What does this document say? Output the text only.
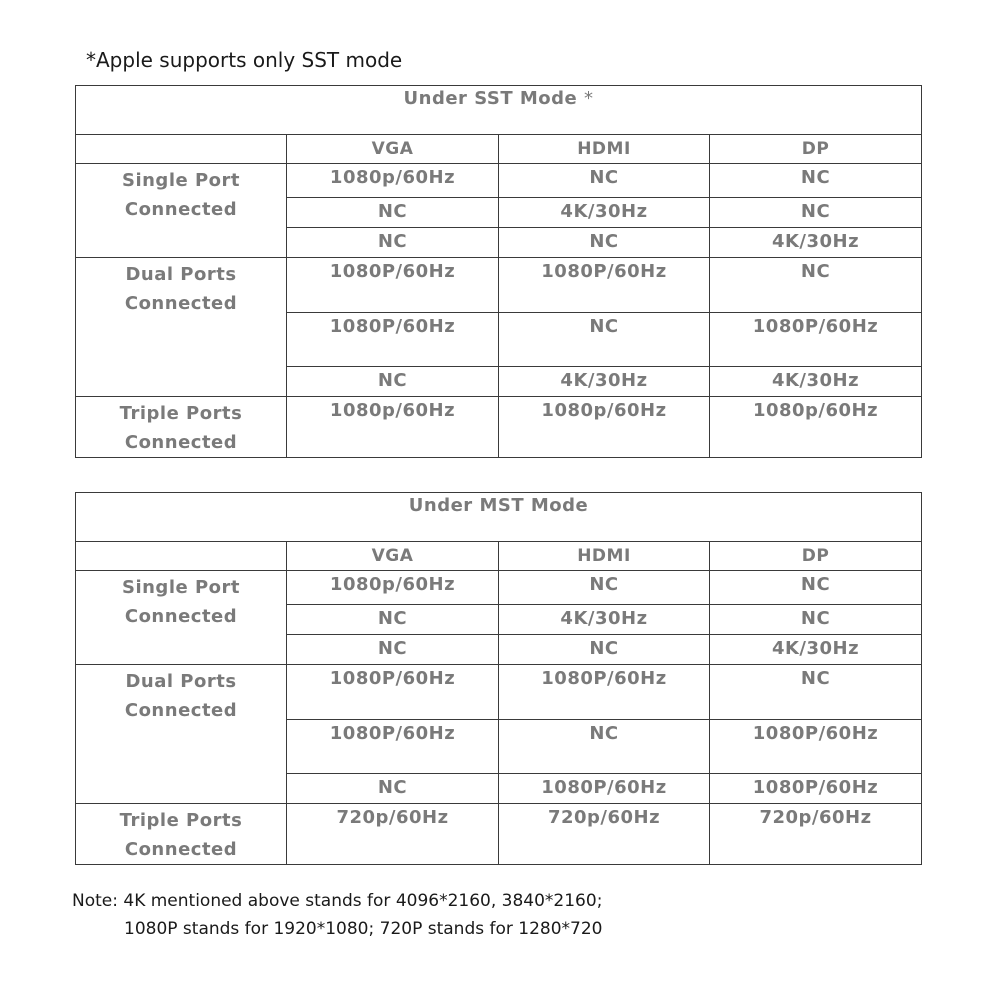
*Apple supports only SST mode
Under SST Mode *			
	VGA	HDMI	DP
Single Port
Connected	1080p/60Hz	NC	NC
	NC	4K/30Hz	NC
	NC	NC	4K/30Hz
Dual Ports
Connected	1080P/60Hz	1080P/60Hz	NC
	1080P/60Hz	NC	1080P/60Hz
	NC	4K/30Hz	4K/30Hz
Triple Ports
Connected	1080p/60Hz	1080p/60Hz	1080p/60Hz
Under MST Mode			
	VGA	HDMI	DP
Single Port
Connected	1080p/60Hz	NC	NC
	NC	4K/30Hz	NC
	NC	NC	4K/30Hz
Dual Ports
Connected	1080P/60Hz	1080P/60Hz	NC
	1080P/60Hz	NC	1080P/60Hz
	NC	1080P/60Hz	1080P/60Hz
Triple Ports
Connected	720p/60Hz	720p/60Hz	720p/60Hz
Note: 4K mentioned above stands for 4096*2160, 3840*2160;
1080P stands for 1920*1080; 720P stands for 1280*720
